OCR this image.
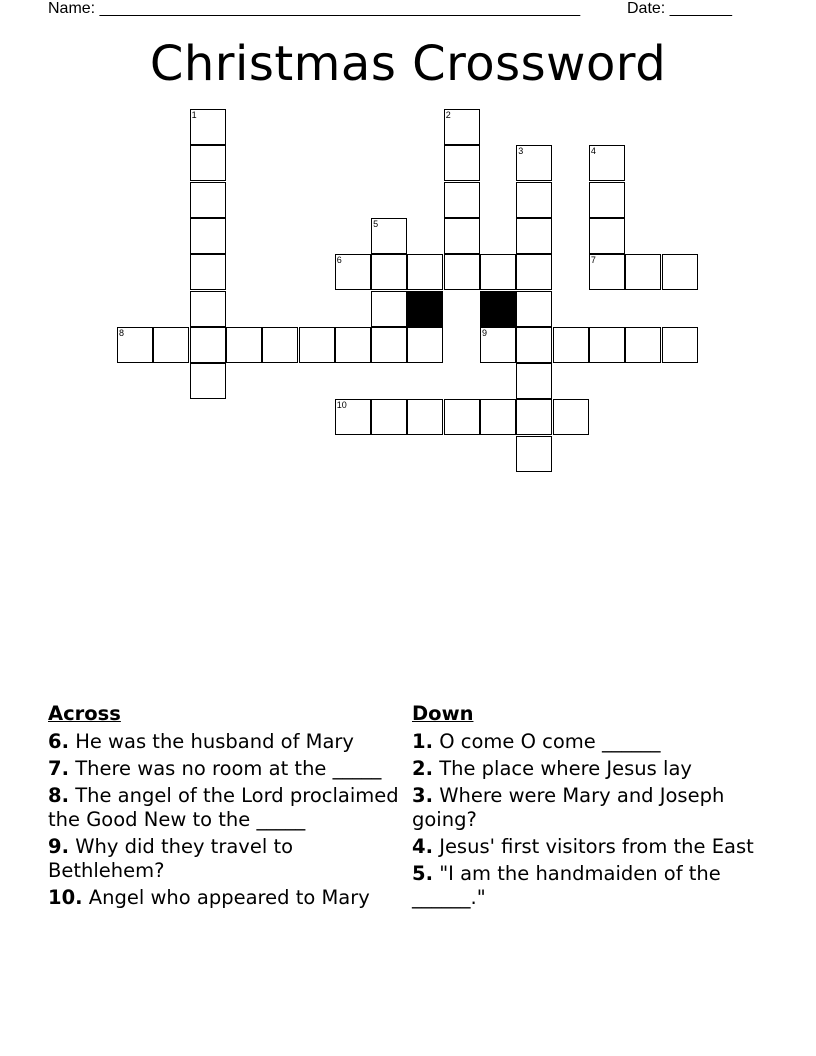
Name: ______________________________________________________	Date: _______
Christmas Crossword
1	2
3	4
5
6	7
8	9
10
Across
6. He was the husband of Mary
7. There was no room at the _____
8. The angel of the Lord proclaimed the Good New to the _____
9. Why did they travel to Bethlehem?
10. Angel who appeared to Mary
Down
1. O come O come ______
2. The place where Jesus lay
3. Where were Mary and Joseph going?
4. Jesus' first visitors from the East
5. "I am the handmaiden of the ______."
